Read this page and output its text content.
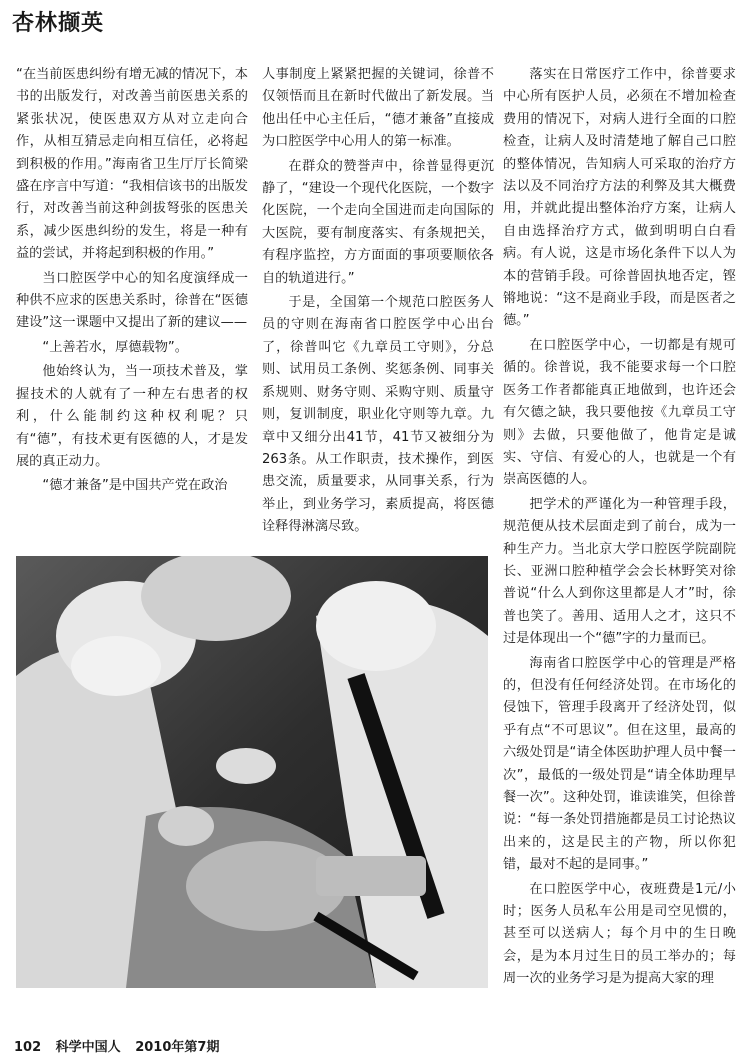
杏林撷英

“在当前医患纠纷有增无减的情况下，本书的出版发行，对改善当前医患关系的紧张状况，使医患双方从对立走向合作，从相互猜忌走向相互信任，必将起到积极的作用。”海南省卫生厅厅长简梁盛在序言中写道：“我相信该书的出版发行，对改善当前这种剑拔弩张的医患关系，减少医患纠纷的发生，将是一种有益的尝试，并将起到积极的作用。”

当口腔医学中心的知名度演绎成一种供不应求的医患关系时，徐普在“医德建设”这一课题中又提出了新的建议——

“上善若水，厚德载物”。

他始终认为，当一项技术普及，掌握技术的人就有了一种左右患者的权利，什么能制约这种权利呢？只有“德”，有技术更有医德的人，才是发展的真正动力。

“德才兼备”是中国共产党在政治

人事制度上紧紧把握的关键词，徐普不仅领悟而且在新时代做出了新发展。当他出任中心主任后，“德才兼备”直接成为口腔医学中心用人的第一标准。

在群众的赞誉声中，徐普显得更沉静了，“建设一个现代化医院，一个数字化医院，一个走向全国进而走向国际的大医院，要有制度落实、有条规把关，有程序监控，方方面面的事项要顺依各自的轨道进行。”

于是，全国第一个规范口腔医务人员的守则在海南省口腔医学中心出台了，徐普叫它《九章员工守则》，分总则、试用员工条例、奖惩条例、同事关系规则、财务守则、采购守则、质量守则，复训制度，职业化守则等九章。九章中又细分出41节，41节又被细分为263条。从工作职责，技术操作，到医患交流，质量要求，从同事关系，行为举止，到业务学习，素质提高，将医德诠释得淋漓尽致。

落实在日常医疗工作中，徐普要求中心所有医护人员，必须在不增加检查费用的情况下，对病人进行全面的口腔检查，让病人及时清楚地了解自己口腔的整体情况，告知病人可采取的治疗方法以及不同治疗方法的利弊及其大概费用，并就此提出整体治疗方案，让病人自由选择治疗方式，做到明明白白看病。有人说，这是市场化条件下以人为本的营销手段。可徐普固执地否定，铿锵地说：“这不是商业手段，而是医者之德。”

在口腔医学中心，一切都是有规可循的。徐普说，我不能要求每一个口腔医务工作者都能真正地做到，也许还会有欠德之缺，我只要他按《九章员工守则》去做，只要他做了，他肯定是诚实、守信、有爱心的人，也就是一个有崇高医德的人。

把学术的严谨化为一种管理手段，规范便从技术层面走到了前台，成为一种生产力。当北京大学口腔医学院副院长、亚洲口腔种植学会会长林野笑对徐普说“什么人到你这里都是人才”时，徐普也笑了。善用、适用人之才，这只不过是体现出一个“德”字的力量而已。

海南省口腔医学中心的管理是严格的，但没有任何经济处罚。在市场化的侵蚀下，管理手段离开了经济处罚，似乎有点“不可思议”。但在这里，最高的六级处罚是“请全体医助护理人员中餐一次”，最低的一级处罚是“请全体助理早餐一次”。这种处罚，谁读谁笑，但徐普说：“每一条处罚措施都是员工讨论热议出来的，这是民主的产物，所以你犯错，最对不起的是同事。”

在口腔医学中心，夜班费是1元/小时；医务人员私车公用是司空见惯的，甚至可以送病人；每个月中的生日晚会，是为本月过生日的员工举办的；每周一次的业务学习是为提高大家的理

102 科学中国人 2010年第7期
